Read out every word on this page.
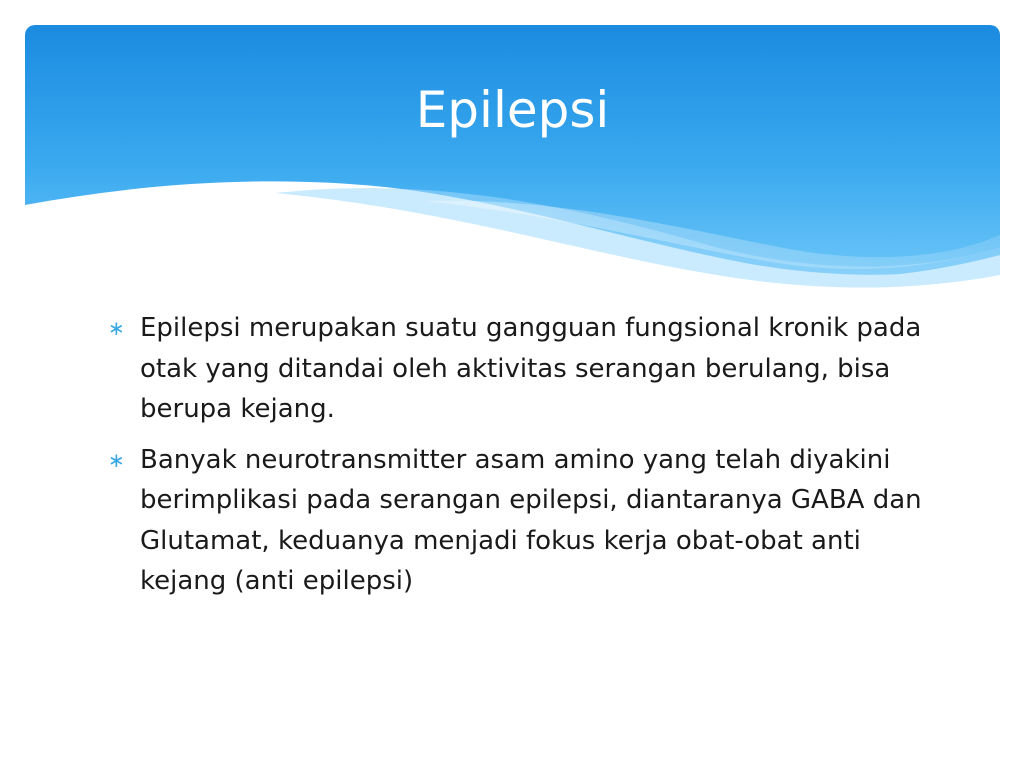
Epilepsi
∗ Epilepsi merupakan suatu gangguan fungsional kronik pada otak yang ditandai oleh aktivitas serangan berulang, bisa berupa kejang.
∗ Banyak neurotransmitter asam amino yang telah diyakini berimplikasi pada serangan epilepsi, diantaranya GABA dan Glutamat, keduanya menjadi fokus kerja obat-obat anti kejang (anti epilepsi)
